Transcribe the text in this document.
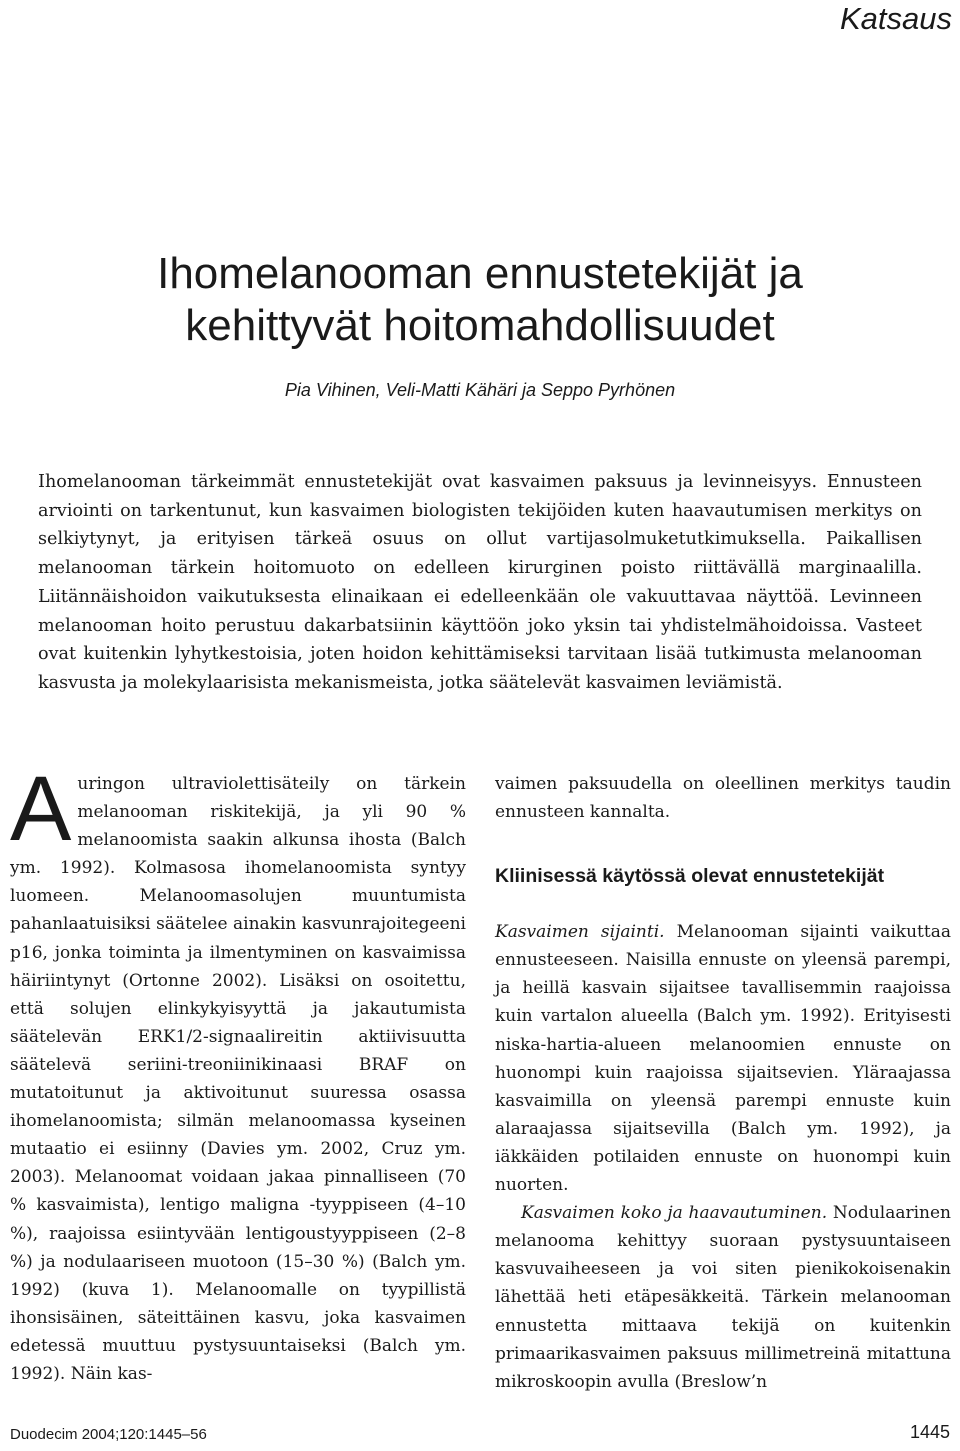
Katsaus
Ihomelanooman ennustetekijät ja
kehittyvät hoitomahdollisuudet
Pia Vihinen, Veli-Matti Kähäri ja Seppo Pyrhönen

Ihomelanooman tärkeimmät ennustetekijät ovat kasvaimen paksuus ja levinneisyys. Ennusteen arviointi on tarkentunut, kun kasvaimen biologisten tekijöiden kuten haavautumisen merkitys on selkiytynyt, ja erityisen tärkeä osuus on ollut vartijasolmuketutkimuksella. Paikallisen melanooman tärkein hoitomuoto on edelleen kirurginen poisto riittävällä marginaalilla. Liitännäishoidon vaikutuksesta elinaikaan ei edelleenkään ole vakuuttavaa näyttöä. Levinneen melanooman hoito perustuu dakarbatsiinin käyttöön joko yksin tai yhdistelmähoidoissa. Vasteet ovat kuitenkin lyhytkestoisia, joten hoidon kehittämiseksi tarvitaan lisää tutkimusta melanooman kasvusta ja molekylaarisista mekanismeista, jotka säätelevät kasvaimen leviämistä.

Auringon ultraviolettisäteily on tärkein melanooman riskitekijä, ja yli 90 % melanoomista saakin alkunsa ihosta (Balch ym. 1992). Kolmasosa ihomelanoomista syntyy luomeen. Melanoomasolujen muuntumista pahanlaatuisiksi säätelee ainakin kasvunrajoitegeeni p16, jonka toiminta ja ilmentyminen on kasvaimissa häiriintynyt (Ortonne 2002). Lisäksi on osoitettu, että solujen elinkykyisyyttä ja jakautumista säätelevän ERK1/2-signaalireitin aktiivisuutta säätelevä seriini-treoniinikinaasi BRAF on mutatoitunut ja aktivoitunut suuressa osassa ihomelanoomista; silmän melanoomassa kyseinen mutaatio ei esiinny (Davies ym. 2002, Cruz ym. 2003). Melanoomat voidaan jakaa pinnalliseen (70 % kasvaimista), lentigo maligna -tyyppiseen (4–10 %), raajoissa esiintyvään lentigoustyyppiseen (2–8 %) ja nodulaariseen muotoon (15–30 %) (Balch ym. 1992) (kuva 1). Melanoomalle on tyypillistä ihonsisäinen, säteittäinen kasvu, joka kasvaimen edetessä muuttuu pystysuuntaiseksi (Balch ym. 1992). Näin kas-

vaimen paksuudella on oleellinen merkitys taudin ennusteen kannalta.

Kliinisessä käytössä olevat ennustetekijät

Kasvaimen sijainti. Melanooman sijainti vaikuttaa ennusteeseen. Naisilla ennuste on yleensä parempi, ja heillä kasvain sijaitsee tavallisemmin raajoissa kuin vartalon alueella (Balch ym. 1992). Erityisesti niska-hartia-alueen melanoomien ennuste on huonompi kuin raajoissa sijaitsevien. Yläraajassa kasvaimilla on yleensä parempi ennuste kuin alaraajassa sijaitsevilla (Balch ym. 1992), ja iäkkäiden potilaiden ennuste on huonompi kuin nuorten.

Kasvaimen koko ja haavautuminen. Nodulaarinen melanooma kehittyy suoraan pystysuuntaiseen kasvuvaiheeseen ja voi siten pienikokoisenakin lähettää heti etäpesäkkeitä. Tärkein melanooman ennustetta mittaava tekijä on kuitenkin primaarikasvaimen paksuus millimetreinä mitattuna mikroskoopin avulla (Breslow’n

Duodecim 2004;120:1445–56	1445
